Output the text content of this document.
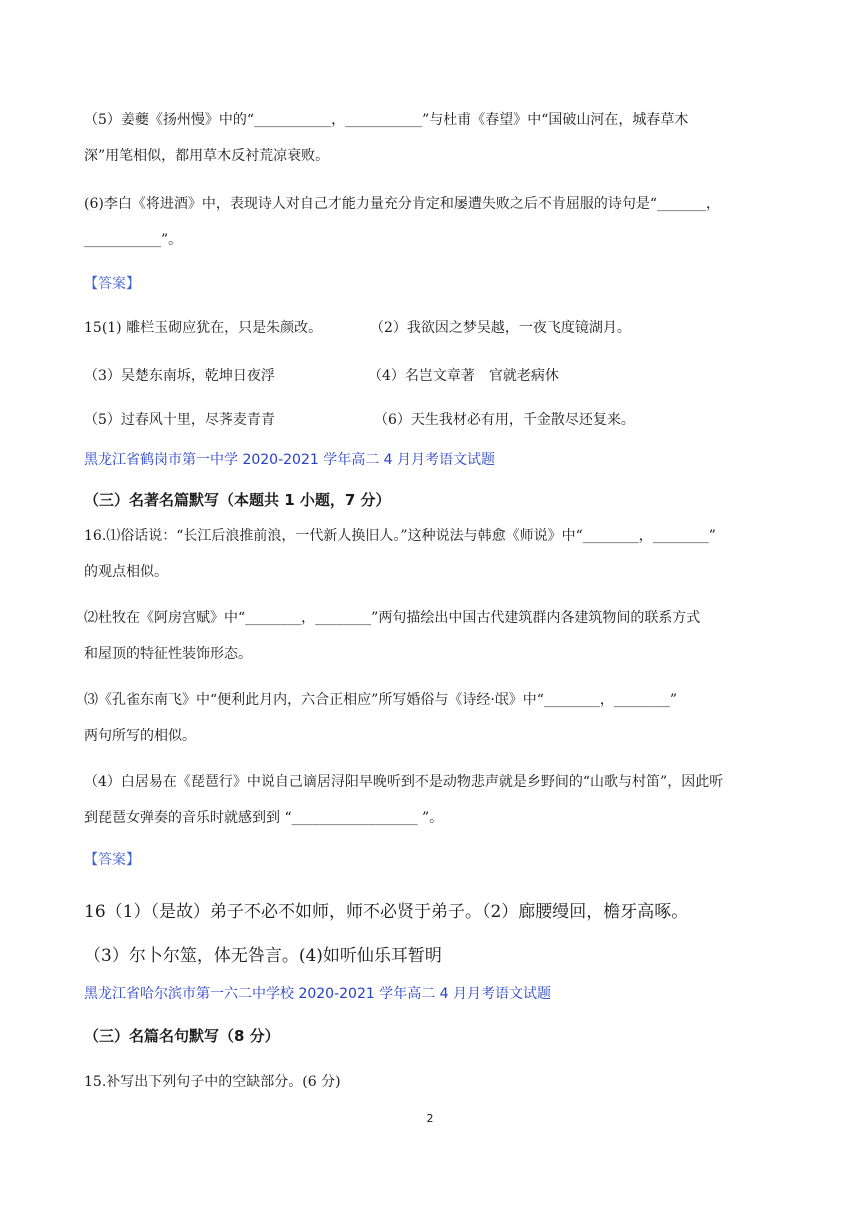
（5）姜夔《扬州慢》中的“___________，___________”与杜甫《春望》中“国破山河在，城春草木
深”用笔相似，都用草木反衬荒凉衰败。
(6)李白《将进酒》中，表现诗人对自己才能力量充分肯定和屡遭失败之后不肯屈服的诗句是“_______，
___________”。
【答案】
15(1) 雕栏玉砌应犹在，只是朱颜改。	（2）我欲因之梦吴越，一夜飞度镜湖月。
（3）吴楚东南坼，乾坤日夜浮	（4）名岂文章著　官就老病休
（5）过春风十里，尽荠麦青青	（6）天生我材必有用，千金散尽还复来。
黑龙江省鹤岗市第一中学 2020-2021 学年高二 4 月月考语文试题
（三）名著名篇默写（本题共 1 小题，7 分）
16.⑴俗话说：“长江后浪推前浪，一代新人换旧人。”这种说法与韩愈《师说》中“________，________”
的观点相似。
⑵杜牧在《阿房宫赋》中“________，________”两句描绘出中国古代建筑群内各建筑物间的联系方式
和屋顶的特征性装饰形态。
⑶《孔雀东南飞》中“便利此月内，六合正相应”所写婚俗与《诗经·氓》中“________，________”
两句所写的相似。
（4）白居易在《琵琶行》中说自己谪居浔阳早晚听到不是动物悲声就是乡野间的“山歌与村笛”，因此听
到琵琶女弹奏的音乐时就感到到 “__________________ ”。
【答案】
16（1）（是故）弟子不必不如师，师不必贤于弟子。（2）廊腰缦回，檐牙高啄。
（3）尔卜尔筮，体无咎言。(4)如听仙乐耳暂明
黑龙江省哈尔滨市第一六二中学校 2020-2021 学年高二 4 月月考语文试题
（三）名篇名句默写（8 分）
15.补写出下列句子中的空缺部分。(6 分)
2
